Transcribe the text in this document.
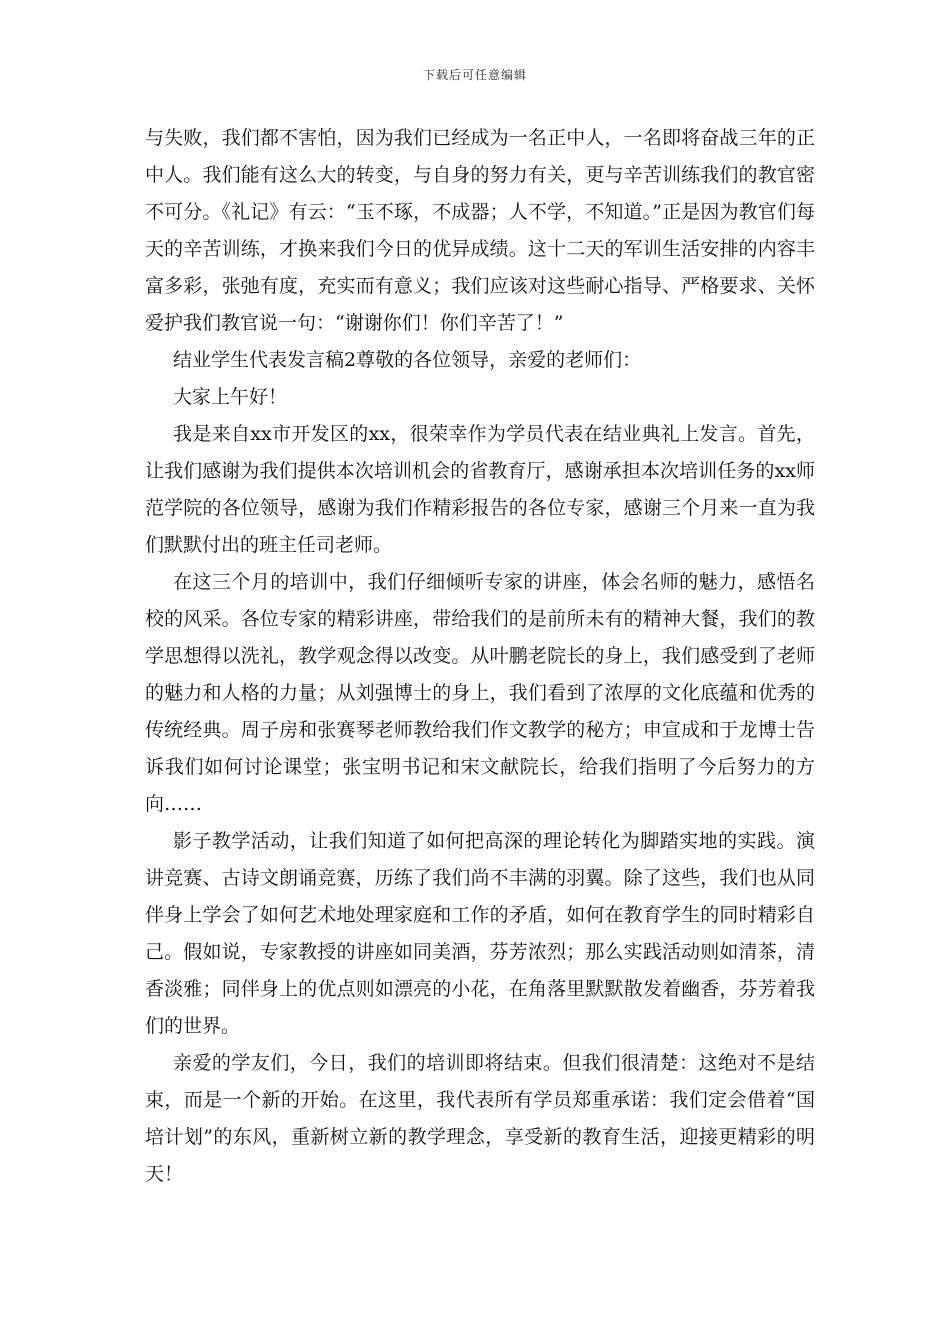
下载后可任意编辑

与失败，我们都不害怕，因为我们已经成为一名正中人，一名即将奋战三年的正中人。我们能有这么大的转变，与自身的努力有关，更与辛苦训练我们的教官密不可分。《礼记》有云：“玉不琢，不成器；人不学，不知道。”正是因为教官们每天的辛苦训练，才换来我们今日的优异成绩。这十二天的军训生活安排的内容丰富多彩，张弛有度，充实而有意义；我们应该对这些耐心指导、严格要求、关怀爱护我们教官说一句：“谢谢你们！你们辛苦了！”

结业学生代表发言稿2尊敬的各位领导，亲爱的老师们：

大家上午好！

我是来自xx市开发区的xx，很荣幸作为学员代表在结业典礼上发言。首先，让我们感谢为我们提供本次培训机会的省教育厅，感谢承担本次培训任务的xx师范学院的各位领导，感谢为我们作精彩报告的各位专家，感谢三个月来一直为我们默默付出的班主任司老师。

在这三个月的培训中，我们仔细倾听专家的讲座，体会名师的魅力，感悟名校的风采。各位专家的精彩讲座，带给我们的是前所未有的精神大餐，我们的教学思想得以洗礼，教学观念得以改变。从叶鹏老院长的身上，我们感受到了老师的魅力和人格的力量；从刘强博士的身上，我们看到了浓厚的文化底蕴和优秀的传统经典。周子房和张赛琴老师教给我们作文教学的秘方；申宣成和于龙博士告诉我们如何讨论课堂；张宝明书记和宋文献院长，给我们指明了今后努力的方向……

影子教学活动，让我们知道了如何把高深的理论转化为脚踏实地的实践。演讲竞赛、古诗文朗诵竞赛，历练了我们尚不丰满的羽翼。除了这些，我们也从同伴身上学会了如何艺术地处理家庭和工作的矛盾，如何在教育学生的同时精彩自己。假如说，专家教授的讲座如同美酒，芬芳浓烈；那么实践活动则如清茶，清香淡雅；同伴身上的优点则如漂亮的小花，在角落里默默散发着幽香，芬芳着我们的世界。

亲爱的学友们，今日，我们的培训即将结束。但我们很清楚：这绝对不是结束，而是一个新的开始。在这里，我代表所有学员郑重承诺：我们定会借着“国培计划”的东风，重新树立新的教学理念，享受新的教育生活，迎接更精彩的明天！
